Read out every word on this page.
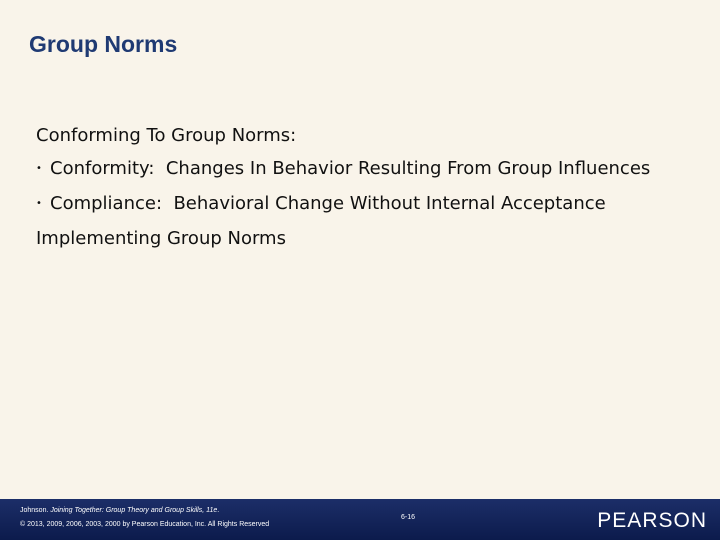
Group Norms
Conforming To Group Norms:
• Conformity:  Changes In Behavior Resulting From Group Influences
• Compliance:  Behavioral Change Without Internal Acceptance
Implementing Group Norms
Johnson. Joining Together: Group Theory and Group Skills, 11e.
© 2013, 2009, 2006, 2003, 2000 by Pearson Education, Inc. All Rights Reserved
6-16	PEARSON
